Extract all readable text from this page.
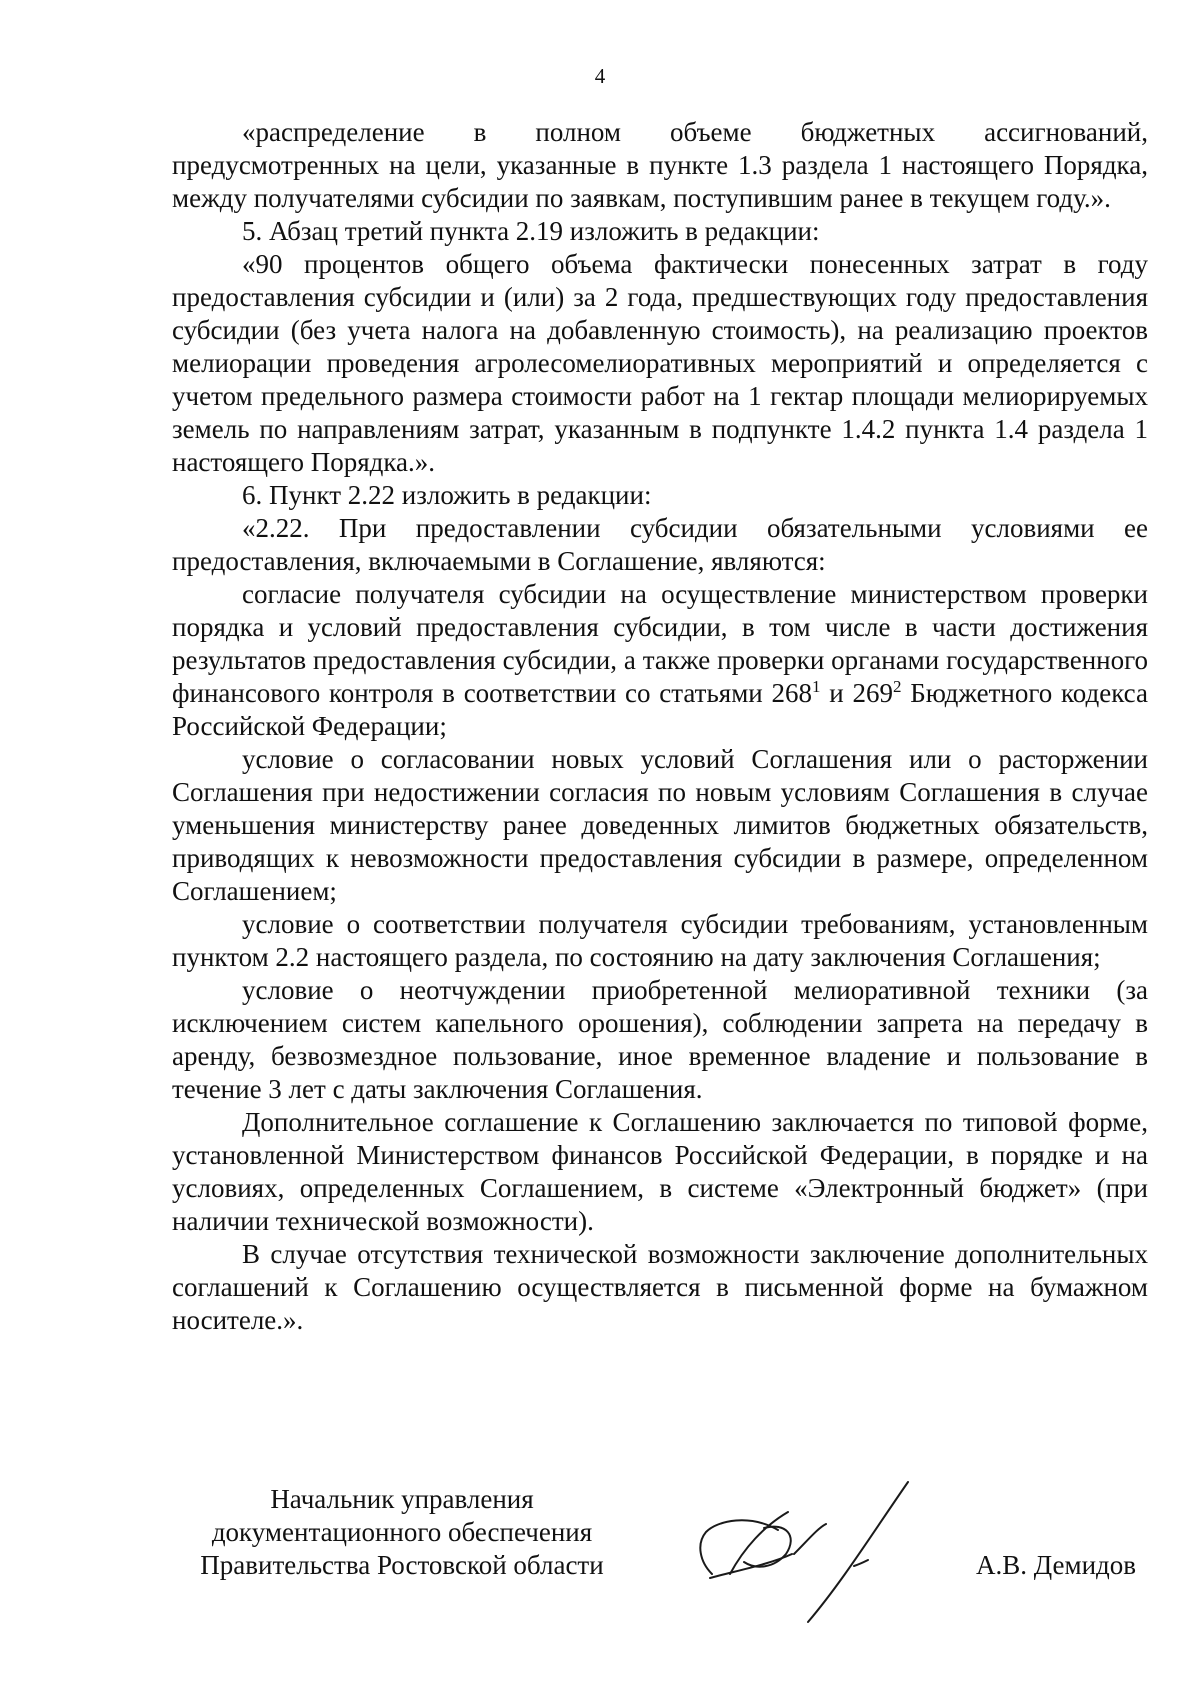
4

«распределение в полном объеме бюджетных ассигнований, предусмотренных на цели, указанные в пункте 1.3 раздела 1 настоящего Порядка, между получателями субсидии по заявкам, поступившим ранее в текущем году.».

5. Абзац третий пункта 2.19 изложить в редакции:

«90 процентов общего объема фактически понесенных затрат в году предоставления субсидии и (или) за 2 года, предшествующих году предоставления субсидии (без учета налога на добавленную стоимость), на реализацию проектов мелиорации проведения агролесомелиоративных мероприятий и определяется с учетом предельного размера стоимости работ на 1 гектар площади мелиорируемых земель по направлениям затрат, указанным в подпункте 1.4.2 пункта 1.4 раздела 1 настоящего Порядка.».

6. Пункт 2.22 изложить в редакции:

«2.22. При предоставлении субсидии обязательными условиями ее предоставления, включаемыми в Соглашение, являются:

согласие получателя субсидии на осуществление министерством проверки порядка и условий предоставления субсидии, в том числе в части достижения результатов предоставления субсидии, а также проверки органами государственного финансового контроля в соответствии со статьями $268^1$ и $269^2$ Бюджетного кодекса Российской Федерации;

условие о согласовании новых условий Соглашения или о расторжении Соглашения при недостижении согласия по новым условиям Соглашения в случае уменьшения министерству ранее доведенных лимитов бюджетных обязательств, приводящих к невозможности предоставления субсидии в размере, определенном Соглашением;

условие о соответствии получателя субсидии требованиям, установленным пунктом 2.2 настоящего раздела, по состоянию на дату заключения Соглашения;

условие о неотчуждении приобретенной мелиоративной техники (за исключением систем капельного орошения), соблюдении запрета на передачу в аренду, безвозмездное пользование, иное временное владение и пользование в течение 3 лет с даты заключения Соглашения.

Дополнительное соглашение к Соглашению заключается по типовой форме, установленной Министерством финансов Российской Федерации, в порядке и на условиях, определенных Соглашением, в системе «Электронный бюджет» (при наличии технической возможности).

В случае отсутствия технической возможности заключение дополнительных соглашений к Соглашению осуществляется в письменной форме на бумажном носителе.».

Начальник управления
документационного обеспечения
Правительства Ростовской области	А.В. Демидов
